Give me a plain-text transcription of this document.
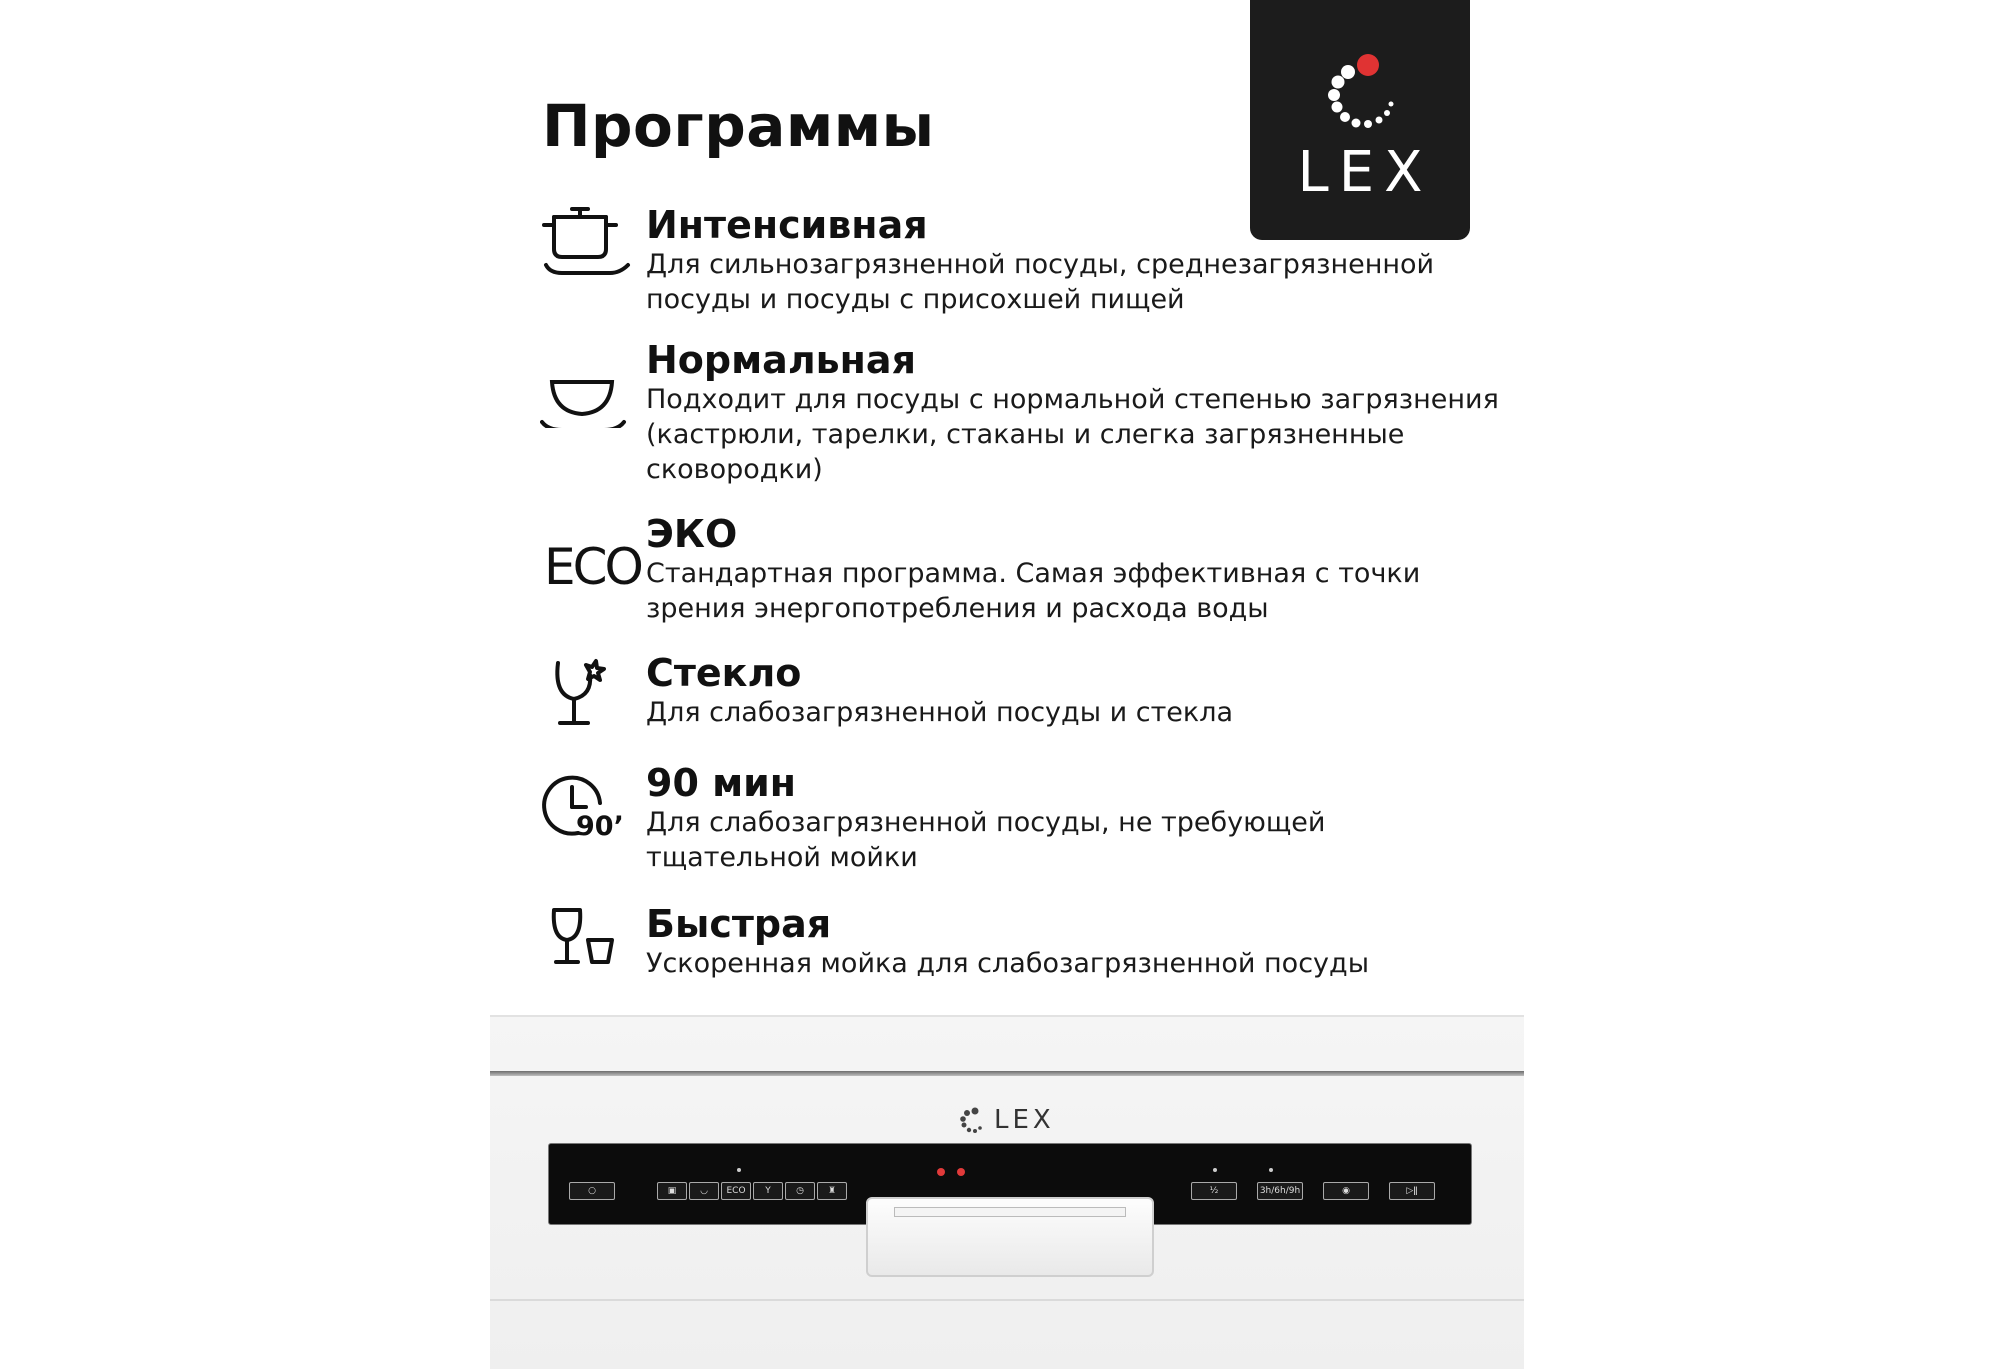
Программы
LEX
Интенсивная
Для сильнозагрязненной посуды, среднезагрязненной посуды и посуды с присохшей пищей
Нормальная
Подходит для посуды с нормальной степенью загрязнения (кастрюли, тарелки, стаканы и слегка загрязненные сковородки)
ECO
ЭКО
Стандартная программа. Самая эффективная с точки зрения энергопотребления и расхода воды
Стекло
Для слабозагрязненной посуды и стекла
90’
90 мин
Для слабозагрязненной посуды, не требующей тщательной мойки
Быстрая
Ускоренная мойка для слабозагрязненной посуды
LEX
○	▣	◡	ECO	Y	◷	♜	½	3h/6h/9h	◉	▷ǁ
